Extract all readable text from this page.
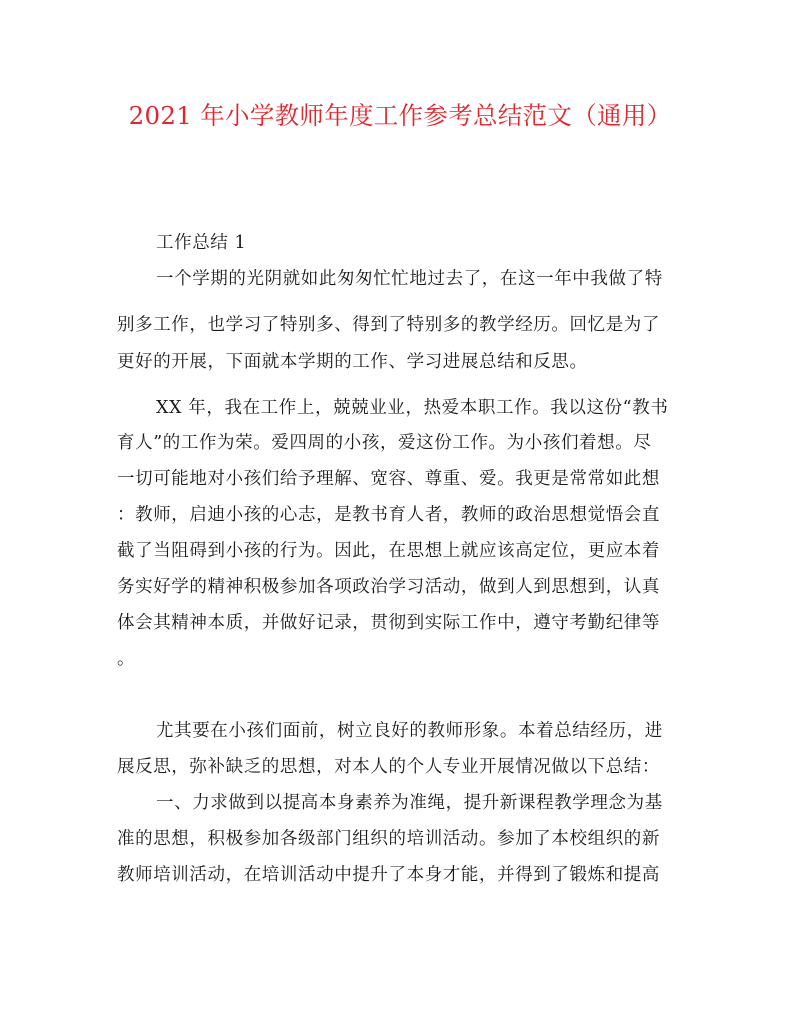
2021 年小学教师年度工作参考总结范文（通用）
工作总结 1
一个学期的光阴就如此匆匆忙忙地过去了，在这一年中我做了特
别多工作，也学习了特别多、得到了特别多的教学经历。回忆是为了
更好的开展，下面就本学期的工作、学习进展总结和反思。
XX 年，我在工作上，兢兢业业，热爱本职工作。我以这份“教书
育人”的工作为荣。爱四周的小孩，爱这份工作。为小孩们着想。尽
一切可能地对小孩们给予理解、宽容、尊重、爱。我更是常常如此想
：教师，启迪小孩的心志，是教书育人者，教师的政治思想觉悟会直
截了当阻碍到小孩的行为。因此，在思想上就应该高定位，更应本着
务实好学的精神积极参加各项政治学习活动，做到人到思想到，认真
体会其精神本质，并做好记录，贯彻到实际工作中，遵守考勤纪律等
。
尤其要在小孩们面前，树立良好的教师形象。本着总结经历，进
展反思，弥补缺乏的思想，对本人的个人专业开展情况做以下总结：
一、力求做到以提高本身素养为准绳，提升新课程教学理念为基
准的思想，积极参加各级部门组织的培训活动。参加了本校组织的新
教师培训活动，在培训活动中提升了本身才能，并得到了锻炼和提高
